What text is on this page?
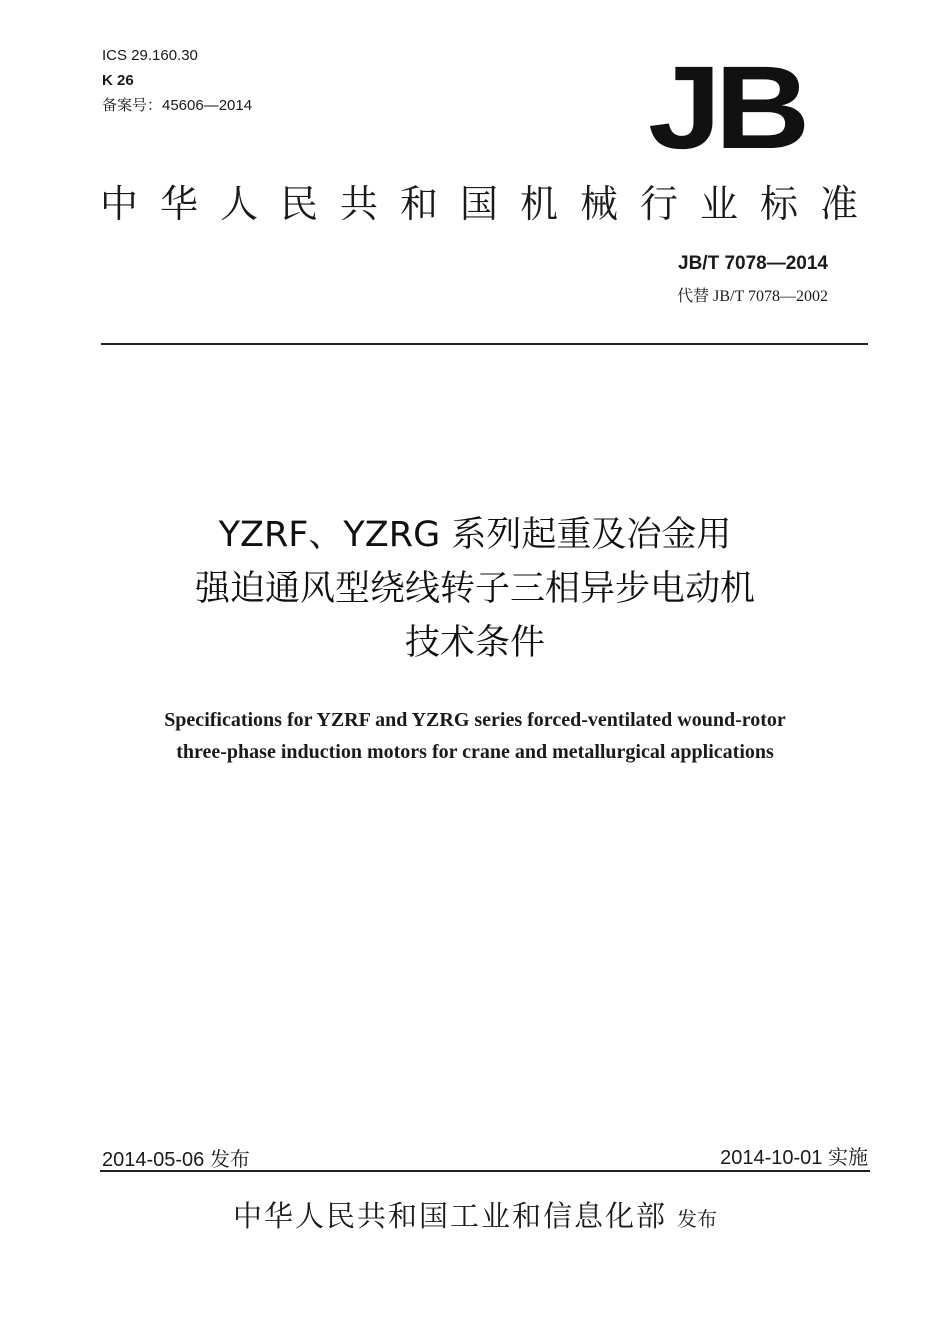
ICS 29.160.30
K 26
备案号：45606—2014	JB
中华人民共和国机械行业标准
JB/T 7078—2014
代替 JB/T 7078—2002
YZRF、YZRG 系列起重及冶金用
强迫通风型绕线转子三相异步电动机
技术条件
Specifications for YZRF and YZRG series forced-ventilated wound-rotor
three-phase induction motors for crane and metallurgical applications
2014-05-06 发布	2014-10-01 实施
中华人民共和国工业和信息化部 发布
